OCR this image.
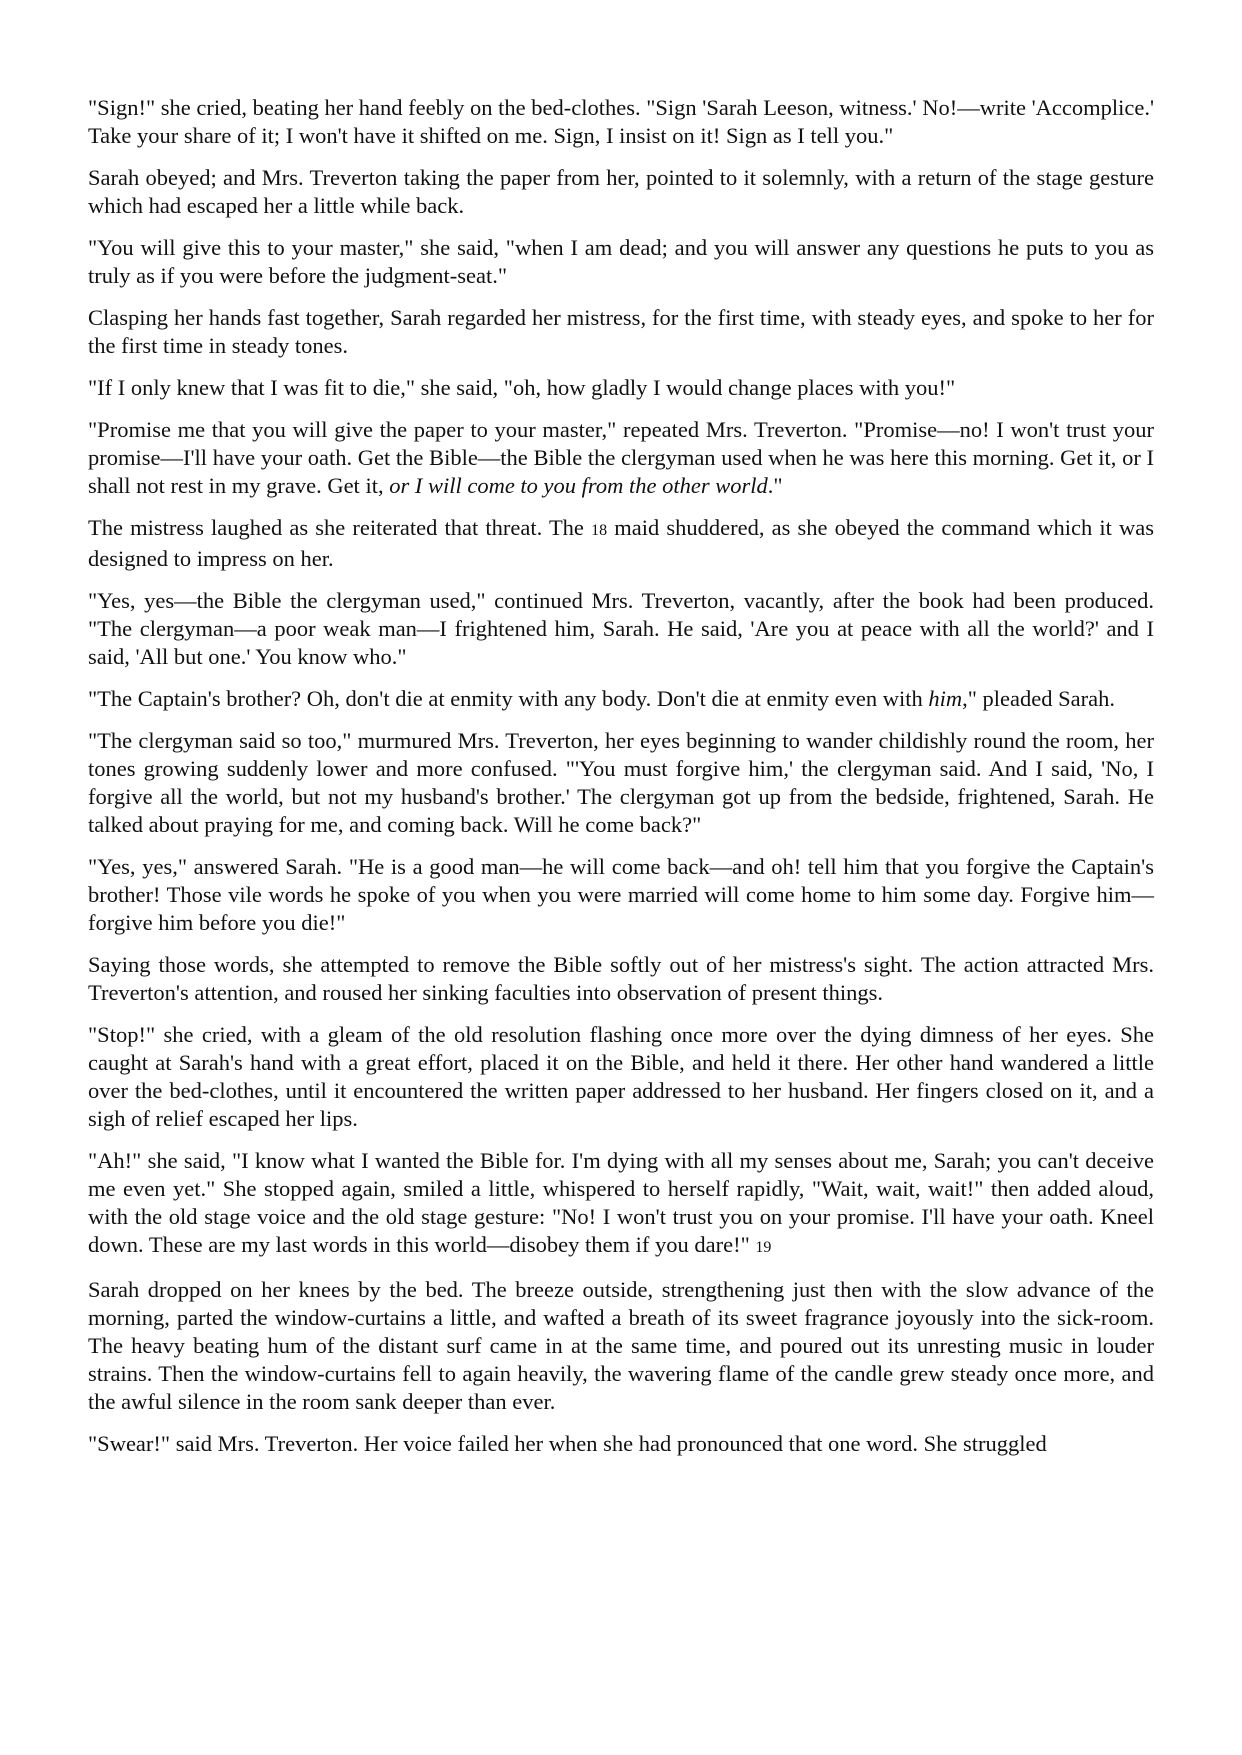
"Sign!" she cried, beating her hand feebly on the bed-clothes. "Sign 'Sarah Leeson, witness.' No!—write 'Accomplice.' Take your share of it; I won't have it shifted on me. Sign, I insist on it! Sign as I tell you."

Sarah obeyed; and Mrs. Treverton taking the paper from her, pointed to it solemnly, with a return of the stage gesture which had escaped her a little while back.

"You will give this to your master," she said, "when I am dead; and you will answer any questions he puts to you as truly as if you were before the judgment-seat."

Clasping her hands fast together, Sarah regarded her mistress, for the first time, with steady eyes, and spoke to her for the first time in steady tones.

"If I only knew that I was fit to die," she said, "oh, how gladly I would change places with you!"

"Promise me that you will give the paper to your master," repeated Mrs. Treverton. "Promise—no! I won't trust your promise—I'll have your oath. Get the Bible—the Bible the clergyman used when he was here this morning. Get it, or I shall not rest in my grave. Get it, or I will come to you from the other world."

The mistress laughed as she reiterated that threat. The 18 maid shuddered, as she obeyed the command which it was designed to impress on her.

"Yes, yes—the Bible the clergyman used," continued Mrs. Treverton, vacantly, after the book had been produced. "The clergyman—a poor weak man—I frightened him, Sarah. He said, 'Are you at peace with all the world?' and I said, 'All but one.' You know who."

"The Captain's brother? Oh, don't die at enmity with any body. Don't die at enmity even with him," pleaded Sarah.

"The clergyman said so too," murmured Mrs. Treverton, her eyes beginning to wander childishly round the room, her tones growing suddenly lower and more confused. "'You must forgive him,' the clergyman said. And I said, 'No, I forgive all the world, but not my husband's brother.' The clergyman got up from the bedside, frightened, Sarah. He talked about praying for me, and coming back. Will he come back?"

"Yes, yes," answered Sarah. "He is a good man—he will come back—and oh! tell him that you forgive the Captain's brother! Those vile words he spoke of you when you were married will come home to him some day. Forgive him—forgive him before you die!"

Saying those words, she attempted to remove the Bible softly out of her mistress's sight. The action attracted Mrs. Treverton's attention, and roused her sinking faculties into observation of present things.

"Stop!" she cried, with a gleam of the old resolution flashing once more over the dying dimness of her eyes. She caught at Sarah's hand with a great effort, placed it on the Bible, and held it there. Her other hand wandered a little over the bed-clothes, until it encountered the written paper addressed to her husband. Her fingers closed on it, and a sigh of relief escaped her lips.

"Ah!" she said, "I know what I wanted the Bible for. I'm dying with all my senses about me, Sarah; you can't deceive me even yet." She stopped again, smiled a little, whispered to herself rapidly, "Wait, wait, wait!" then added aloud, with the old stage voice and the old stage gesture: "No! I won't trust you on your promise. I'll have your oath. Kneel down. These are my last words in this world—disobey them if you dare!" 19

Sarah dropped on her knees by the bed. The breeze outside, strengthening just then with the slow advance of the morning, parted the window-curtains a little, and wafted a breath of its sweet fragrance joyously into the sick-room. The heavy beating hum of the distant surf came in at the same time, and poured out its unresting music in louder strains. Then the window-curtains fell to again heavily, the wavering flame of the candle grew steady once more, and the awful silence in the room sank deeper than ever.

"Swear!" said Mrs. Treverton. Her voice failed her when she had pronounced that one word. She struggled
